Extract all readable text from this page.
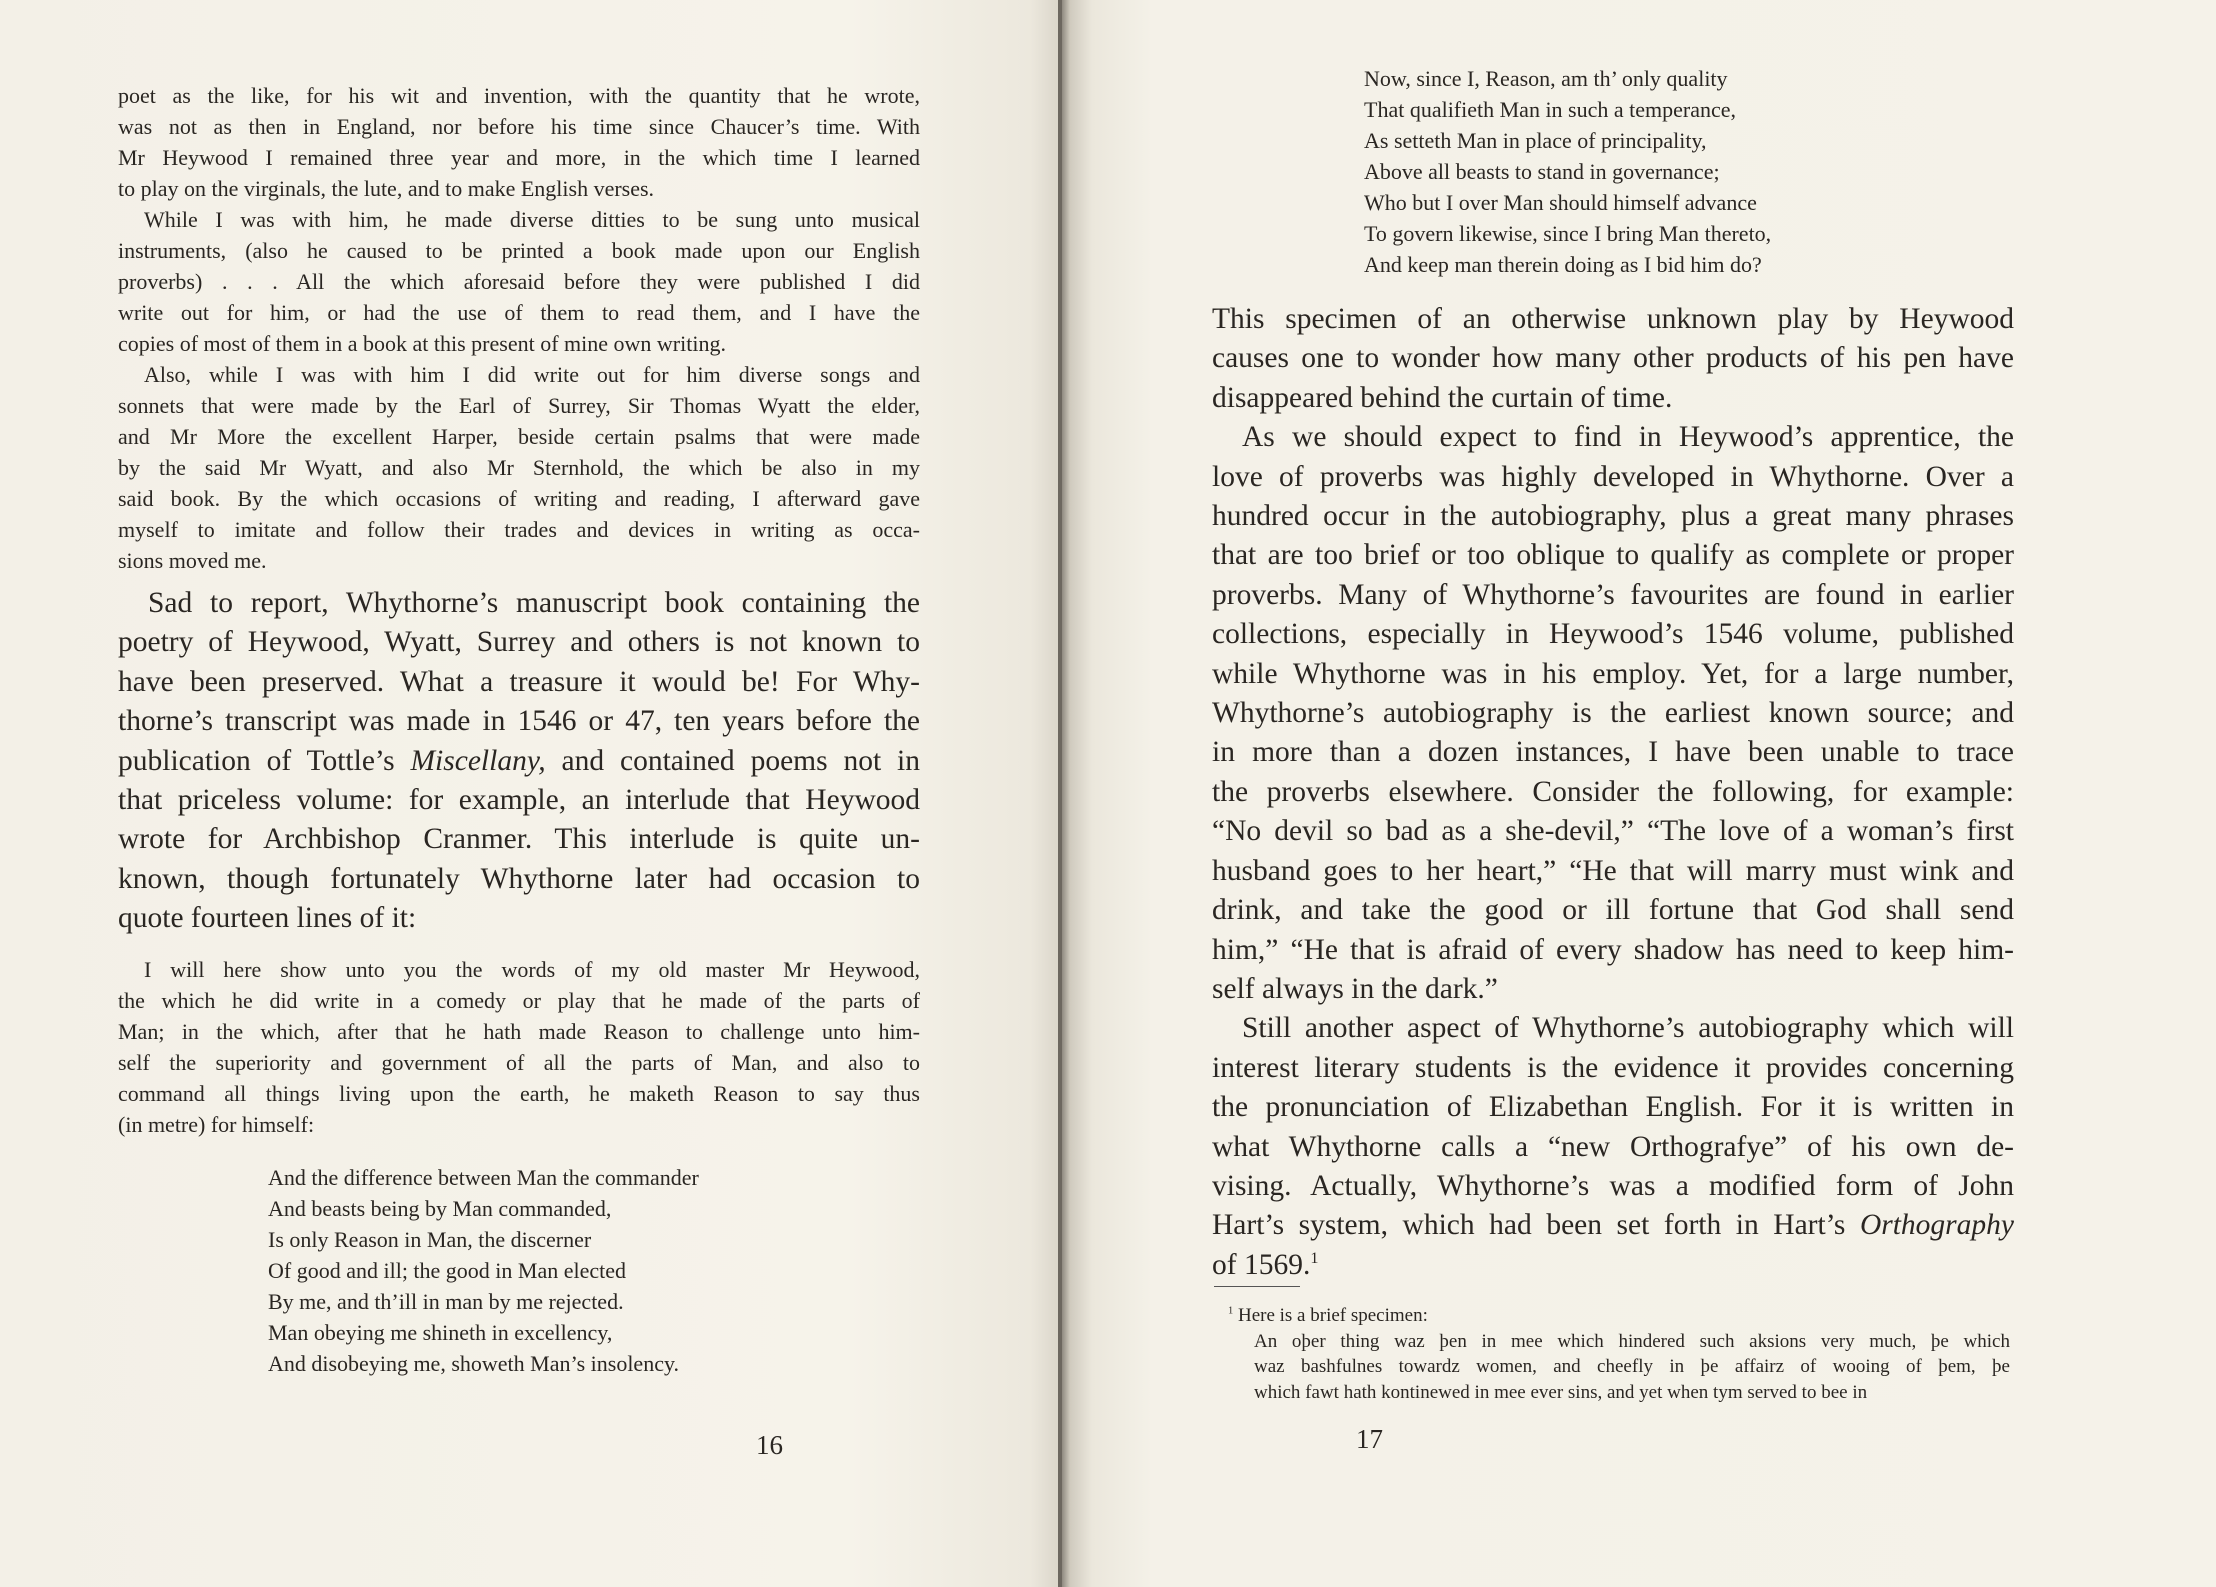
poet as the like, for his wit and invention, with the quantity that he wrote,
was not as then in England, nor before his time since Chaucer’s time. With
Mr Heywood I remained three year and more, in the which time I learned
to play on the virginals, the lute, and to make English verses.
While I was with him, he made diverse ditties to be sung unto musical
instruments, (also he caused to be printed a book made upon our English
proverbs) . . . All the which aforesaid before they were published I did
write out for him, or had the use of them to read them, and I have the
copies of most of them in a book at this present of mine own writing.
Also, while I was with him I did write out for him diverse songs and
sonnets that were made by the Earl of Surrey, Sir Thomas Wyatt the elder,
and Mr More the excellent Harper, beside certain psalms that were made
by the said Mr Wyatt, and also Mr Sternhold, the which be also in my
said book. By the which occasions of writing and reading, I afterward gave
myself to imitate and follow their trades and devices in writing as occa-
sions moved me.
Sad to report, Whythorne’s manuscript book containing the
poetry of Heywood, Wyatt, Surrey and others is not known to
have been preserved. What a treasure it would be! For Why-
thorne’s transcript was made in 1546 or 47, ten years before the
publication of Tottle’s Miscellany, and contained poems not in
that priceless volume: for example, an interlude that Heywood
wrote for Archbishop Cranmer. This interlude is quite un-
known, though fortunately Whythorne later had occasion to
quote fourteen lines of it:
I will here show unto you the words of my old master Mr Heywood,
the which he did write in a comedy or play that he made of the parts of
Man; in the which, after that he hath made Reason to challenge unto him-
self the superiority and government of all the parts of Man, and also to
command all things living upon the earth, he maketh Reason to say thus
(in metre) for himself:
And the difference between Man the commander
And beasts being by Man commanded,
Is only Reason in Man, the discerner
Of good and ill; the good in Man elected
By me, and th’ill in man by me rejected.
Man obeying me shineth in excellency,
And disobeying me, showeth Man’s insolency.
16
Now, since I, Reason, am th’ only quality
That qualifieth Man in such a temperance,
As setteth Man in place of principality,
Above all beasts to stand in governance;
Who but I over Man should himself advance
To govern likewise, since I bring Man thereto,
And keep man therein doing as I bid him do?
This specimen of an otherwise unknown play by Heywood
causes one to wonder how many other products of his pen have
disappeared behind the curtain of time.
As we should expect to find in Heywood’s apprentice, the
love of proverbs was highly developed in Whythorne. Over a
hundred occur in the autobiography, plus a great many phrases
that are too brief or too oblique to qualify as complete or proper
proverbs. Many of Whythorne’s favourites are found in earlier
collections, especially in Heywood’s 1546 volume, published
while Whythorne was in his employ. Yet, for a large number,
Whythorne’s autobiography is the earliest known source; and
in more than a dozen instances, I have been unable to trace
the proverbs elsewhere. Consider the following, for example:
“No devil so bad as a she-devil,” “The love of a woman’s first
husband goes to her heart,” “He that will marry must wink and
drink, and take the good or ill fortune that God shall send
him,” “He that is afraid of every shadow has need to keep him-
self always in the dark.”
Still another aspect of Whythorne’s autobiography which will
interest literary students is the evidence it provides concerning
the pronunciation of Elizabethan English. For it is written in
what Whythorne calls a “new Orthografye” of his own de-
vising. Actually, Whythorne’s was a modified form of John
Hart’s system, which had been set forth in Hart’s Orthography
of 1569.$^1$
$^1$ Here is a brief specimen:
An oþer thing waz þen in mee which hindered such aksions very much, þe which
waz bashfulnes towardz women, and cheefly in þe affairz of wooing of þem, þe
which fawt hath kontinewed in mee ever sins, and yet when tym served to bee in
17
